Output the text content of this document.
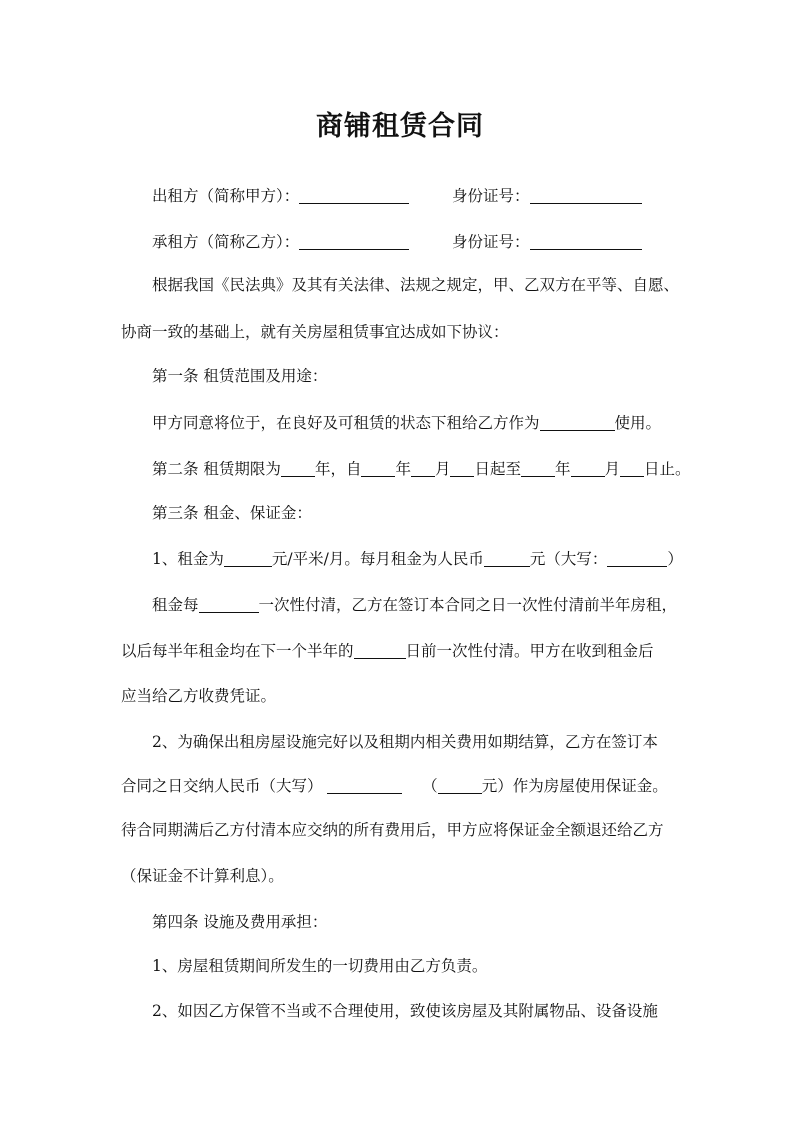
商铺租赁合同
出租方（简称甲方）：	身份证号：
承租方（简称乙方）：	身份证号：
根据我国《民法典》及其有关法律、法规之规定，甲、乙双方在平等、自愿、
协商一致的基础上，就有关房屋租赁事宜达成如下协议：
第一条 租赁范围及用途：
甲方同意将位于，在良好及可租赁的状态下租给乙方作为	使用。
第二条 租赁期限为 年，自 年 月 日起至 年 月 日止。
第三条 租金、保证金：
1、租金为	元/平米/月。每月租金为人民币	元（大写：	）
租金每	一次性付清，乙方在签订本合同之日一次性付清前半年房租，
以后每半年租金均在下一个半年的	日前一次性付清。甲方在收到租金后
应当给乙方收费凭证。
2、为确保出租房屋设施完好以及租期内相关费用如期结算，乙方在签订本
合同之日交纳人民币（大写）	（	元）作为房屋使用保证金。
待合同期满后乙方付清本应交纳的所有费用后，甲方应将保证金全额退还给乙方
（保证金不计算利息）。
第四条 设施及费用承担：
1、房屋租赁期间所发生的一切费用由乙方负责。
2、如因乙方保管不当或不合理使用，致使该房屋及其附属物品、设备设施
